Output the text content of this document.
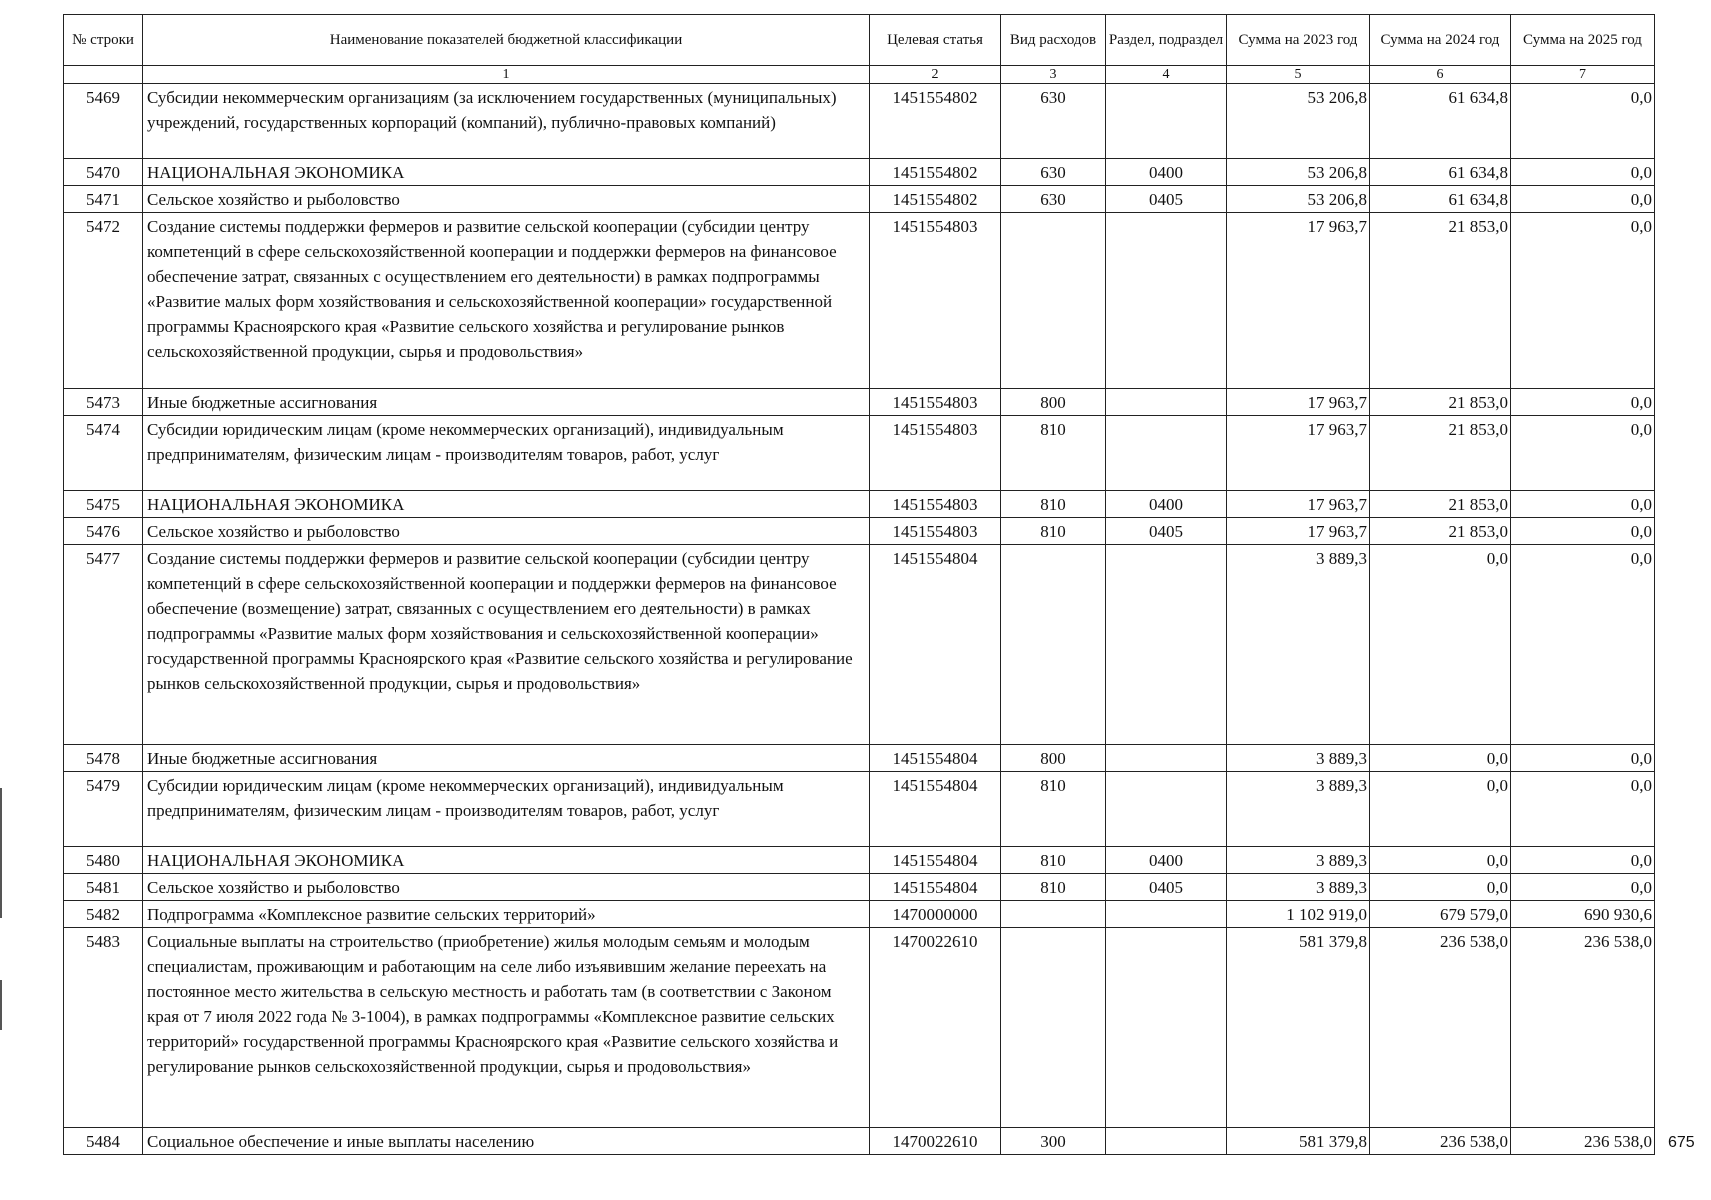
№ строки	Наименование показателей бюджетной классификации	Целевая статья	Вид расходов	Раздел, подраздел	Сумма на 2023 год	Сумма на 2024 год	Сумма на 2025 год
	1	2	3	4	5	6	7
5469	Субсидии некоммерческим организациям (за исключением государственных (муниципальных) учреждений, государственных корпораций (компаний), публично-правовых компаний)	1451554802	630		53 206,8	61 634,8	0,0
5470	НАЦИОНАЛЬНАЯ ЭКОНОМИКА	1451554802	630	0400	53 206,8	61 634,8	0,0
5471	Сельское хозяйство и рыболовство	1451554802	630	0405	53 206,8	61 634,8	0,0
5472	Создание системы поддержки фермеров и развитие сельской кооперации (субсидии центру компетенций в сфере сельскохозяйственной кооперации и поддержки фермеров на финансовое обеспечение затрат, связанных с осуществлением его деятельности) в рамках подпрограммы «Развитие малых форм хозяйствования и сельскохозяйственной кооперации» государственной программы Красноярского края «Развитие сельского хозяйства и регулирование рынков сельскохозяйственной продукции, сырья и продовольствия»	1451554803			17 963,7	21 853,0	0,0
5473	Иные бюджетные ассигнования	1451554803	800		17 963,7	21 853,0	0,0
5474	Субсидии юридическим лицам (кроме некоммерческих организаций), индивидуальным предпринимателям, физическим лицам - производителям товаров, работ, услуг	1451554803	810		17 963,7	21 853,0	0,0
5475	НАЦИОНАЛЬНАЯ ЭКОНОМИКА	1451554803	810	0400	17 963,7	21 853,0	0,0
5476	Сельское хозяйство и рыболовство	1451554803	810	0405	17 963,7	21 853,0	0,0
5477	Создание системы поддержки фермеров и развитие сельской кооперации (субсидии центру компетенций в сфере сельскохозяйственной кооперации и поддержки фермеров на финансовое обеспечение (возмещение) затрат, связанных с осуществлением его деятельности) в рамках подпрограммы «Развитие малых форм хозяйствования и сельскохозяйственной кооперации» государственной программы Красноярского края «Развитие сельского хозяйства и регулирование рынков сельскохозяйственной продукции, сырья и продовольствия»	1451554804			3 889,3	0,0	0,0
5478	Иные бюджетные ассигнования	1451554804	800		3 889,3	0,0	0,0
5479	Субсидии юридическим лицам (кроме некоммерческих организаций), индивидуальным предпринимателям, физическим лицам - производителям товаров, работ, услуг	1451554804	810		3 889,3	0,0	0,0
5480	НАЦИОНАЛЬНАЯ ЭКОНОМИКА	1451554804	810	0400	3 889,3	0,0	0,0
5481	Сельское хозяйство и рыболовство	1451554804	810	0405	3 889,3	0,0	0,0
5482	Подпрограмма «Комплексное развитие сельских территорий»	1470000000			1 102 919,0	679 579,0	690 930,6
5483	Социальные выплаты на строительство (приобретение) жилья молодым семьям и молодым специалистам, проживающим и работающим на селе либо изъявившим желание переехать на постоянное место жительства в сельскую местность и работать там (в соответствии с Законом края от 7 июля 2022 года № 3-1004), в рамках подпрограммы «Комплексное развитие сельских территорий» государственной программы Красноярского края «Развитие сельского хозяйства и регулирование рынков сельскохозяйственной продукции, сырья и продовольствия»	1470022610			581 379,8	236 538,0	236 538,0
5484	Социальное обеспечение и иные выплаты населению	1470022610	300		581 379,8	236 538,0	236 538,0 675
